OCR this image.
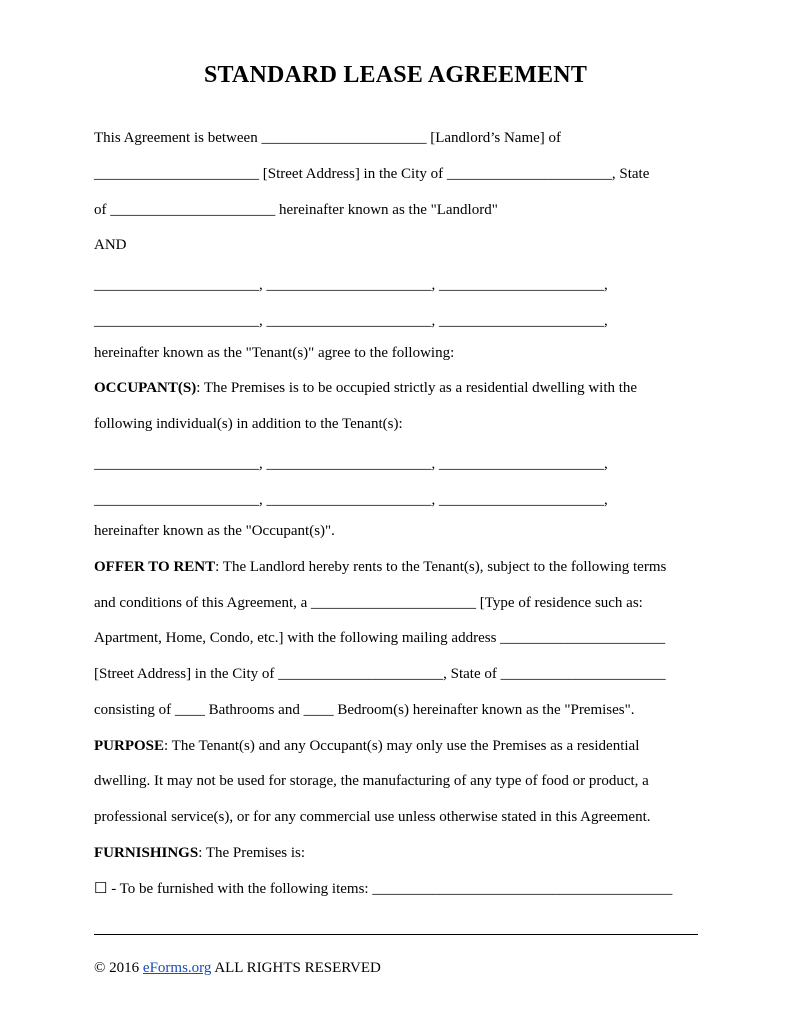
STANDARD LEASE AGREEMENT
This Agreement is between ______________________ [Landlord’s Name] of
______________________ [Street Address] in the City of ______________________, State
of ______________________ hereinafter known as the "Landlord"
AND
______________________, ______________________, ______________________,
______________________, ______________________, ______________________,
hereinafter known as the "Tenant(s)" agree to the following:
OCCUPANT(S): The Premises is to be occupied strictly as a residential dwelling with the
following individual(s) in addition to the Tenant(s):
______________________, ______________________, ______________________,
______________________, ______________________, ______________________,
hereinafter known as the "Occupant(s)".
OFFER TO RENT: The Landlord hereby rents to the Tenant(s), subject to the following terms
and conditions of this Agreement, a ______________________ [Type of residence such as:
Apartment, Home, Condo, etc.] with the following mailing address ______________________
[Street Address] in the City of ______________________, State of ______________________
consisting of ____ Bathrooms and ____ Bedroom(s) hereinafter known as the "Premises".
PURPOSE: The Tenant(s) and any Occupant(s) may only use the Premises as a residential
dwelling. It may not be used for storage, the manufacturing of any type of food or product, a
professional service(s), or for any commercial use unless otherwise stated in this Agreement.
FURNISHINGS: The Premises is:
☐ - To be furnished with the following items: ________________________________________
© 2016 eForms.org ALL RIGHTS RESERVED
